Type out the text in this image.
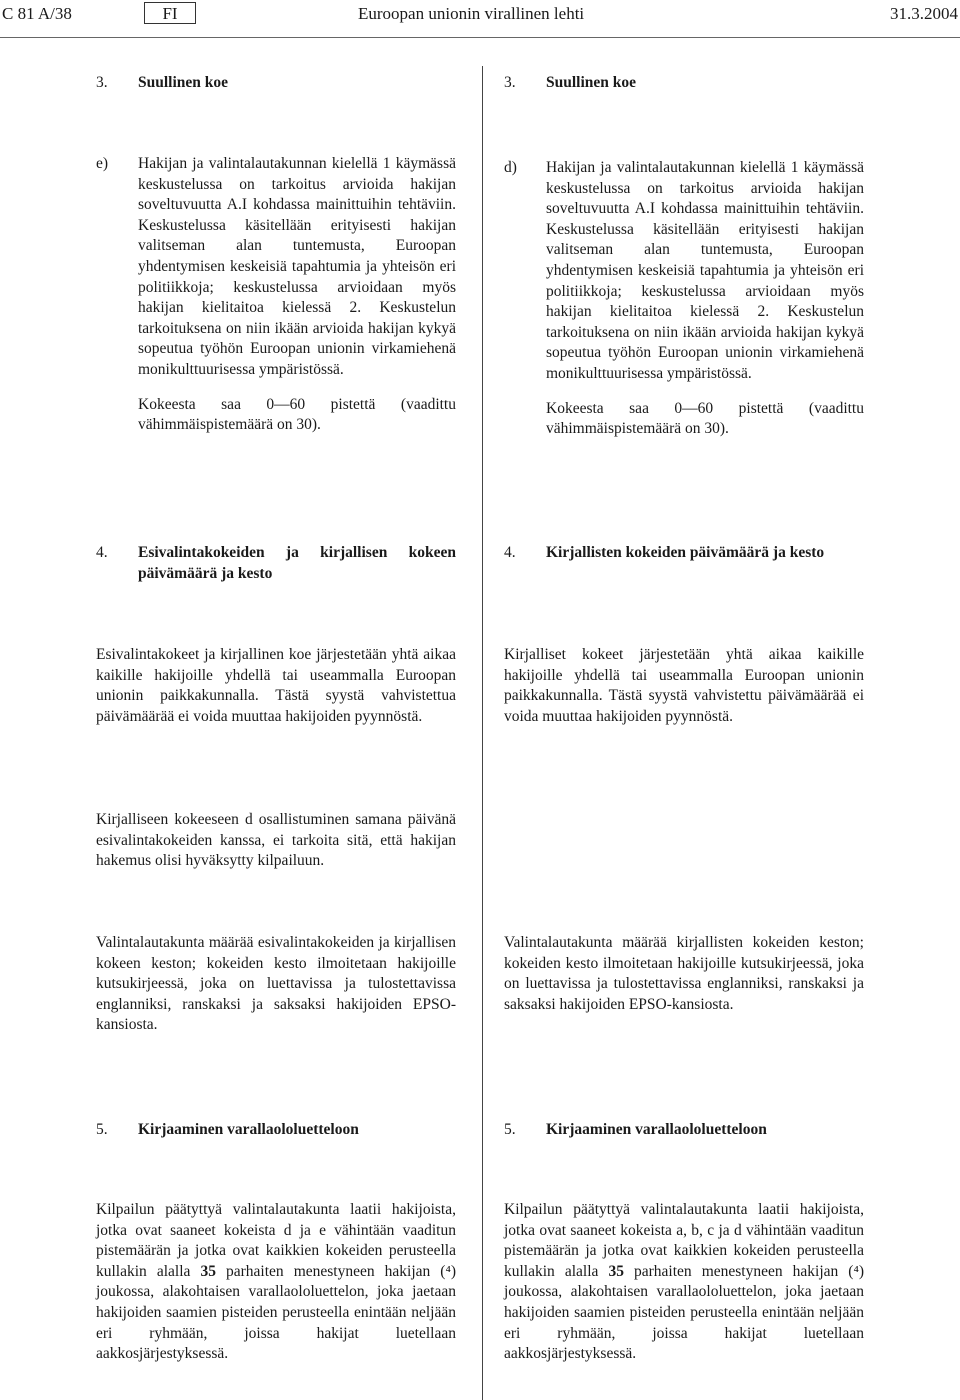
C 81 A/38	FI	Euroopan unionin virallinen lehti	31.3.2004
3.	Suullinen koe	3.	Suullinen koe
e)	Hakijan ja valintalautakunnan kielellä 1 käymässä keskustelussa on tarkoitus arvioida hakijan soveltuvuutta A.I kohdassa mainittuihin tehtäviin. Keskustelussa käsitellään erityisesti hakijan valitseman alan tuntemusta, Euroopan yhdentymisen keskeisiä tapahtumia ja yhteisön eri politiikkoja; keskustelussa arvioidaan myös hakijan kielitaitoa kielessä 2. Keskustelun tarkoituksena on niin ikään arvioida hakijan kykyä sopeutua työhön Euroopan unionin virkamiehenä monikulttuurisessa ympäristössä.

Kokeesta saa 0—60 pistettä (vaadittu vähimmäispistemäärä on 30).

d)	Hakijan ja valintalautakunnan kielellä 1 käymässä keskustelussa on tarkoitus arvioida hakijan soveltuvuutta A.I kohdassa mainittuihin tehtäviin. Keskustelussa käsitellään erityisesti hakijan valitseman alan tuntemusta, Euroopan yhdentymisen keskeisiä tapahtumia ja yhteisön eri politiikkoja; keskustelussa arvioidaan myös hakijan kielitaitoa kielessä 2. Keskustelun tarkoituksena on niin ikään arvioida hakijan kykyä sopeutua työhön Euroopan unionin virkamiehenä monikulttuurisessa ympäristössä.

Kokeesta saa 0—60 pistettä (vaadittu vähimmäispistemäärä on 30).

4.	Esivalintakokeiden ja kirjallisen kokeen päivämäärä ja kesto
4.	Kirjallisten kokeiden päivämäärä ja kesto

Esivalintakokeet ja kirjallinen koe järjestetään yhtä aikaa kaikille hakijoille yhdellä tai useammalla Euroopan unionin paikkakunnalla. Tästä syystä vahvistettua päivämäärää ei voida muuttaa hakijoiden pyynnöstä.

Kirjalliset kokeet järjestetään yhtä aikaa kaikille hakijoille yhdellä tai useammalla Euroopan unionin paikkakunnalla. Tästä syystä vahvistettu päivämäärää ei voida muuttaa hakijoiden pyynnöstä.

Kirjalliseen kokeeseen d osallistuminen samana päivänä esivalintakokeiden kanssa, ei tarkoita sitä, että hakijan hakemus olisi hyväksytty kilpailuun.

Valintalautakunta määrää esivalintakokeiden ja kirjallisen kokeen keston; kokeiden kesto ilmoitetaan hakijoille kutsukirjeessä, joka on luettavissa ja tulostettavissa englanniksi, ranskaksi ja saksaksi hakijoiden EPSO-kansiosta.

Valintalautakunta määrää kirjallisten kokeiden keston; kokeiden kesto ilmoitetaan hakijoille kutsukirjeessä, joka on luettavissa ja tulostettavissa englanniksi, ranskaksi ja saksaksi hakijoiden EPSO-kansiosta.

5.	Kirjaaminen varallaololuetteloon	5.	Kirjaaminen varallaololuetteloon

Kilpailun päätyttyä valintalautakunta laatii hakijoista, jotka ovat saaneet kokeista d ja e vähintään vaaditun pistemäärän ja jotka ovat kaikkien kokeiden perusteella kullakin alalla 35 parhaiten menestyneen hakijan (⁴) joukossa, alakohtaisen varallaololuettelon, joka jaetaan hakijoiden saamien pisteiden perusteella enintään neljään eri ryhmään, joissa hakijat luetellaan aakkosjärjestyksessä.

Kilpailun päätyttyä valintalautakunta laatii hakijoista, jotka ovat saaneet kokeista a, b, c ja d vähintään vaaditun pistemäärän ja jotka ovat kaikkien kokeiden perusteella kullakin alalla 35 parhaiten menestyneen hakijan (⁴) joukossa, alakohtaisen varallaololuettelon, joka jaetaan hakijoiden saamien pisteiden perusteella enintään neljään eri ryhmään, joissa hakijat luetellaan aakkosjärjestyksessä.
